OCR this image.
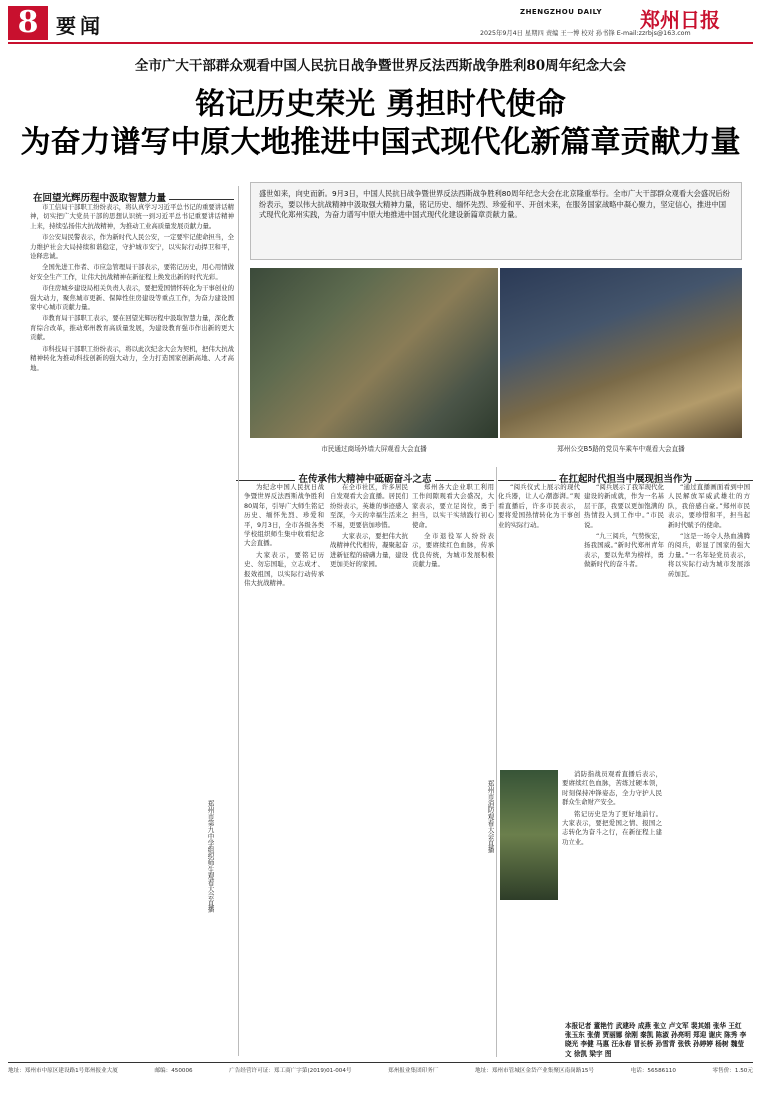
8 要闻
ZHENGZHOU DAILY 郑州日报
2025年9月4日 星期四 责编 王一博 校对 孙书锋 E-mail:zzrbjs@163.com
全市广大干部群众观看中国人民抗日战争暨世界反法西斯战争胜利80周年纪念大会
铭记历史荣光 勇担时代使命
为奋力谱写中原大地推进中国式现代化新篇章贡献力量
在回望光辉历程中汲取智慧力量	盛世如来，向史而新。9月3日，中国人民抗日战争暨世界反法西斯战争胜利80周年纪念大会在北京隆重举行。全市广大干部群众观看大会盛况后纷纷表示，要以伟大抗战精神中汲取强大精神力量，铭记历史、缅怀先烈、珍爱和平、开创未来，在服务国家战略中凝心聚力，坚定信心，推进中国式现代化郑州实践，为奋力谱写中原大地推进中国式现代化建设新篇章贡献力量。
市民通过商场外墙大屏观看大会直播	郑州公交B5路的党员车乘车中观看大会直播
在传承伟大精神中砥砺奋斗之志	在扛起时代担当中展现担当作为

市工信局干部职工纷纷表示，将认真学习习近平总书记的重要讲话精神，切实把广大党员干部的思想认识统一到习近平总书记重要讲话精神上来，持续弘扬伟大抗战精神，为推动工业高质量发展贡献力量。

市公安局民警表示，作为新时代人民公安，一定要牢记使命担当，全力维护社会大局持续和谐稳定，守护城市安宁，以实际行动捍卫和平，诠释忠诚。

全国先进工作者、市应急管理局干部表示，要铭记历史，用心用情做好安全生产工作，让伟大抗战精神在新征程上焕发出新的时代光彩。

市住房城乡建设局相关负责人表示，要把爱国情怀转化为干事创业的强大动力，聚焦城市更新、保障性住房建设等重点工作，为奋力建设国家中心城市贡献力量。

市教育局干部职工表示，要在回望光辉历程中汲取智慧力量，深化教育综合改革，推动郑州教育高质量发展，为建设教育强市作出新的更大贡献。

市科技局干部职工纷纷表示，将以此次纪念大会为契机，把伟大抗战精神转化为推动科技创新的强大动力，全力打造国家创新高地、人才高地。

为纪念中国人民抗日战争暨世界反法西斯战争胜利80周年，引导广大师生铭记历史、缅怀先烈、珍爱和平，9月3日，全市各级各类学校组织师生集中收看纪念大会直播。

大家表示，要铭记历史、勿忘国耻，立志成才、报效祖国，以实际行动传承伟大抗战精神。

在全市社区，许多居民自发观看大会直播。居民们纷纷表示，英雄的事迹感人至深，今天的幸福生活来之不易，更要倍加珍惜。

大家表示，要把伟大抗战精神代代相传，凝聚起奋进新征程的磅礴力量，建设更加美好的家园。

郑州各大企业职工利用工作间隙观看大会盛况，大家表示，要立足岗位，勇于担当，以实干实绩践行初心使命。

全市退役军人纷纷表示，要赓续红色血脉，传承优良传统，为城市发展积极贡献力量。

郑州市第九中学组织师生观看大会直播

“阅兵仪式上展示的现代化兵器，让人心潮澎湃。”观看直播后，许多市民表示，要将爱国热情转化为干事创业的实际行动。

郑州市消防观看大会直播

消防指战员观看直播后表示，要赓续红色血脉，苦练过硬本领，时刻保持冲锋姿态，全力守护人民群众生命财产安全。

铭记历史是为了更好地前行。大家表示，要把爱国之情、报国之志转化为奋斗之行，在新征程上建功立业。

“阅兵展示了我军现代化建设的新成就，作为一名基层干部，我要以更加饱满的热情投入到工作中。”市民说。

“九三阅兵，气势恢宏，扬我国威。”新时代郑州青年表示，要以先辈为榜样，勇做新时代的奋斗者。

“通过直播画面看到中国人民解放军威武雄壮的方队，我倍感自豪。”郑州市民表示，要珍惜和平，担当起新时代赋予的使命。

“这是一场令人热血沸腾的阅兵，彰显了国家的强大力量。”一名年轻党员表示，将以实际行动为城市发展添砖加瓦。

本报记者 董艳竹 武建玲 成燕 张立 卢文军 裴其娟 张华 王红 张玉东 张倩 贾丽娜 徐刚 秦凯 陈淑 孙亮明 郑迎 谢庆 陈秀 李晓光 李健 马惠 汪永春 冒长桥 孙雪青 张铁 孙婷婷 杨树 魏莹 文 徐凯 梁宇 图
地址：郑州市中原区建设路1号郑州报业大厦	邮编：450006	广告经营许可证：郑工商广字第(2019)01-004号	郑州报业集团印务厂	地址：郑州市管城区金岱产业集聚区南岗路15号	电话：56586110	零售价：1.50元
